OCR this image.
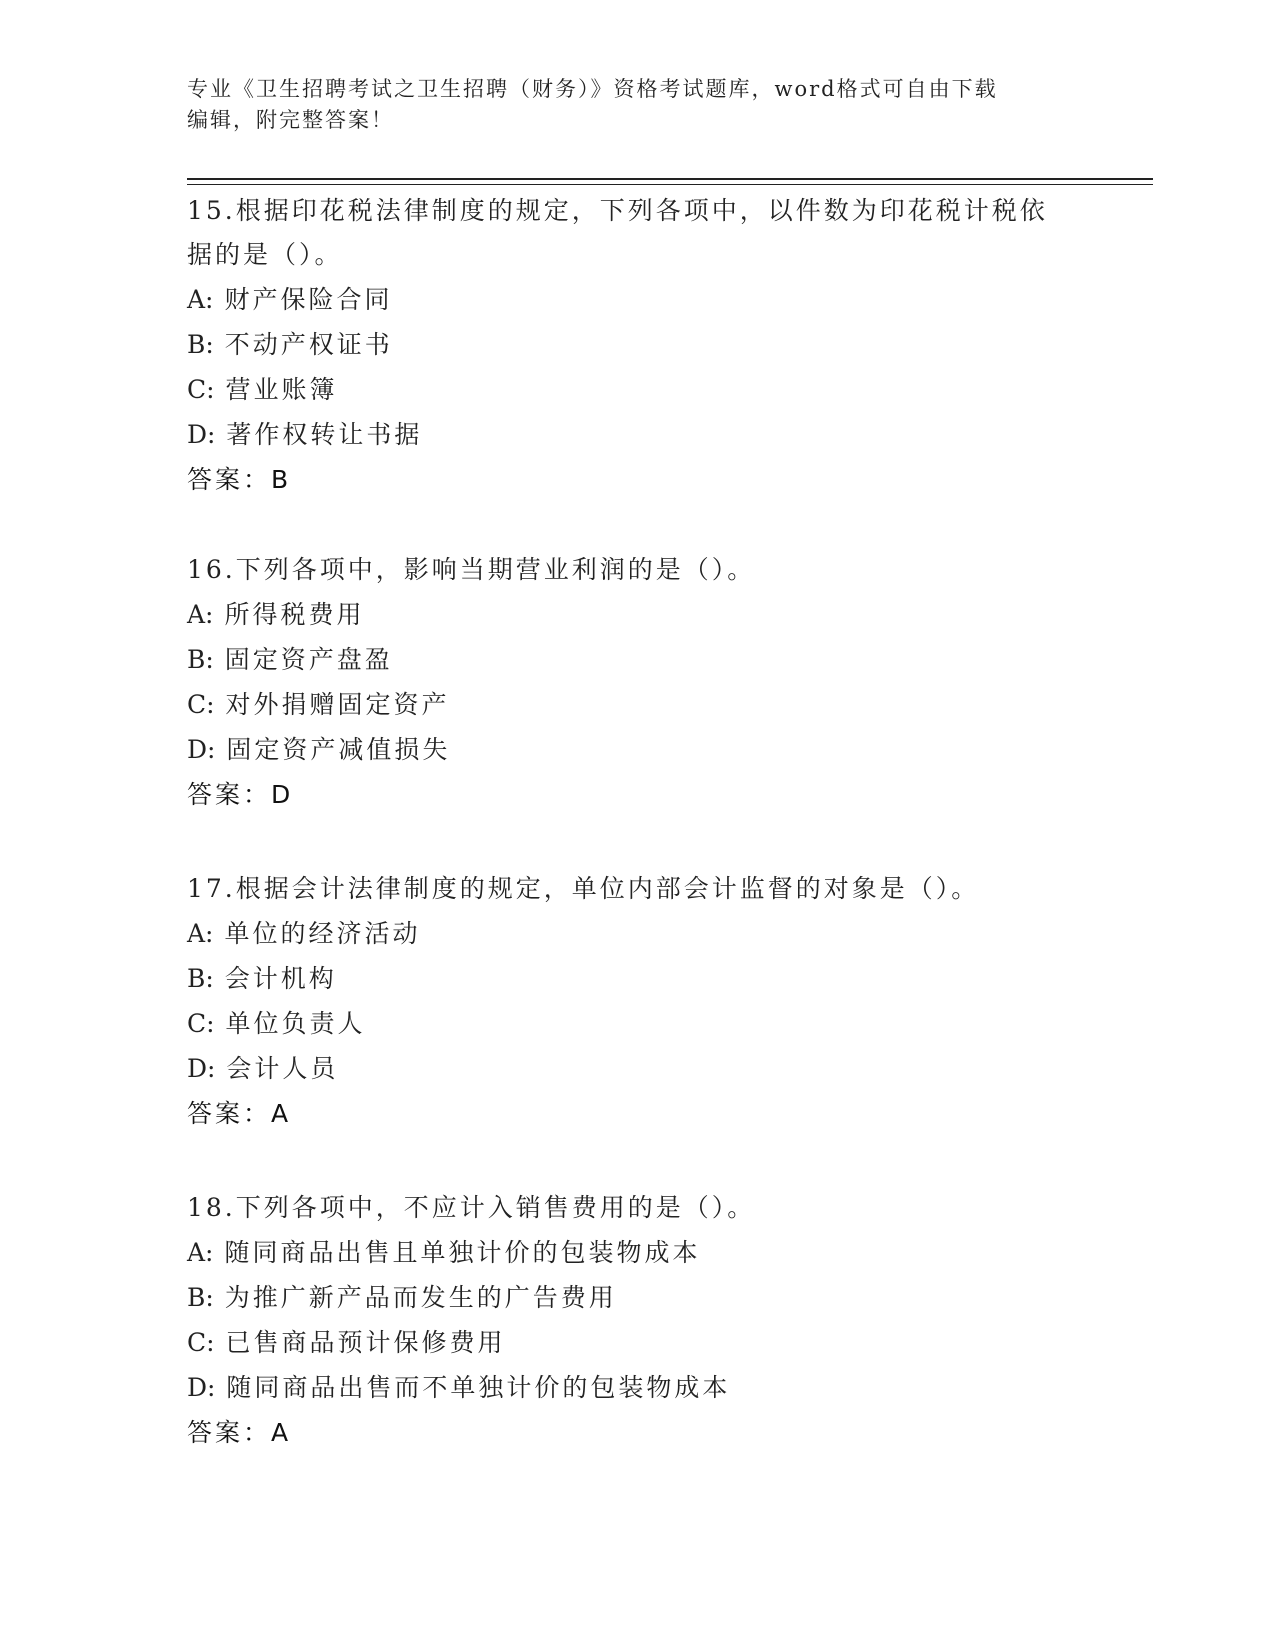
专业《卫生招聘考试之卫生招聘（财务）》资格考试题库，word格式可自由下载
编辑，附完整答案！
15.根据印花税法律制度的规定，下列各项中，以件数为印花税计税依
据的是（）。
A: 财产保险合同
B: 不动产权证书
C: 营业账簿
D: 著作权转让书据
答案：B
16.下列各项中，影响当期营业利润的是（）。
A: 所得税费用
B: 固定资产盘盈
C: 对外捐赠固定资产
D: 固定资产减值损失
答案：D
17.根据会计法律制度的规定，单位内部会计监督的对象是（）。
A: 单位的经济活动
B: 会计机构
C: 单位负责人
D: 会计人员
答案：A
18.下列各项中，不应计入销售费用的是（）。
A: 随同商品出售且单独计价的包装物成本
B: 为推广新产品而发生的广告费用
C: 已售商品预计保修费用
D: 随同商品出售而不单独计价的包装物成本
答案：A
